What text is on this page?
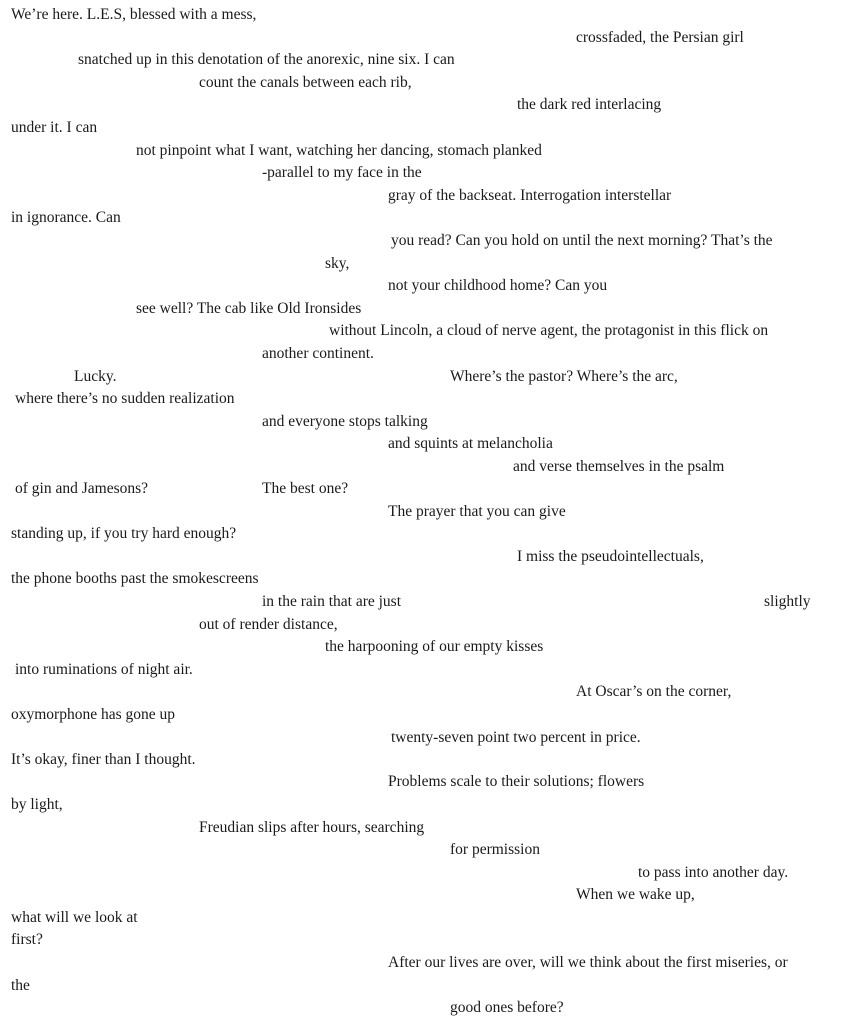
We’re here. L.E.S, blessed with a mess,
crossfaded, the Persian girl
snatched up in this denotation of the anorexic, nine six. I can
count the canals between each rib,
the dark red interlacing
under it. I can
not pinpoint what I want, watching her dancing, stomach planked
-parallel to my face in the
gray of the backseat. Interrogation interstellar
in ignorance. Can
you read? Can you hold on until the next morning? That’s the
sky,
not your childhood home? Can you
see well? The cab like Old Ironsides
without Lincoln, a cloud of nerve agent, the protagonist in this flick on
another continent.
Lucky.	Where’s the pastor? Where’s the arc,
where there’s no sudden realization
and everyone stops talking
and squints at melancholia
and verse themselves in the psalm
of gin and Jamesons?	The best one?
The prayer that you can give
standing up, if you try hard enough?
I miss the pseudointellectuals,
the phone booths past the smokescreens
in the rain that are just	slightly
out of render distance,
the harpooning of our empty kisses
into ruminations of night air.
At Oscar’s on the corner,
oxymorphone has gone up
twenty-seven point two percent in price.
It’s okay, finer than I thought.
Problems scale to their solutions; flowers
by light,
Freudian slips after hours, searching
for permission
to pass into another day.
When we wake up,
what will we look at
first?
After our lives are over, will we think about the first miseries, or
the
good ones before?
